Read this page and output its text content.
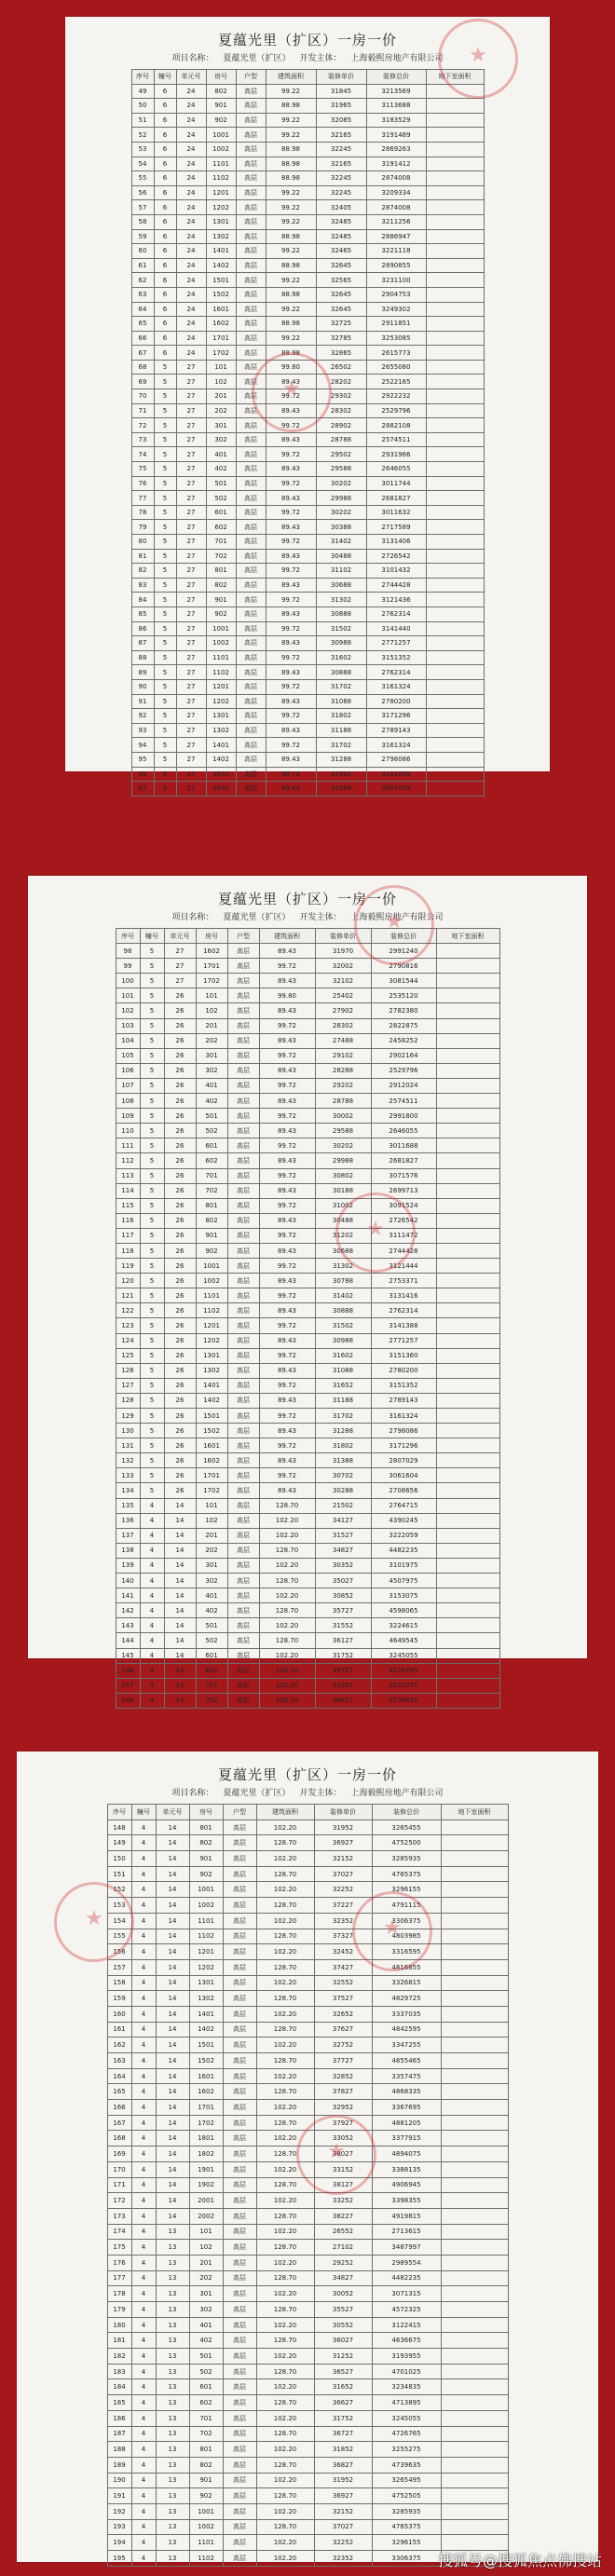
夏蕴光里（扩区）一房一价
项目名称： 夏蕴光里（扩区） 开发主体： 上海毅熙房地产有限公司
序号	幢号	单元号	房号	户型	建筑面积	装修单价	装修总价	地下室面积
49	6	24	802	高层	99.22	31845	3213569	
50	6	24	901	高层	88.98	31965	3113688	
51	6	24	902	高层	99.22	32085	3183529	
52	6	24	1001	高层	99.22	32165	3191489	
53	6	24	1002	高层	88.98	32245	2869263	
54	6	24	1101	高层	88.98	32165	3191412	
55	6	24	1102	高层	88.98	32245	2874008	
56	6	24	1201	高层	99.22	32245	3209334	
57	6	24	1202	高层	99.22	32405	2874008	
58	6	24	1301	高层	99.22	32485	3211256	
59	6	24	1302	高层	88.98	32485	2886947	
60	6	24	1401	高层	99.22	32465	3221118	
61	6	24	1402	高层	88.98	32645	2890855	
62	6	24	1501	高层	99.22	32565	3231100	
63	6	24	1502	高层	88.98	32645	2904753	
64	6	24	1601	高层	99.22	32645	3249302	
65	6	24	1602	高层	88.98	32725	2911851	
66	6	24	1701	高层	99.22	32785	3253085	
67	6	24	1702	高层	88.98	32865	2615773	
68	5	27	101	高层	99.80	26502	2655080	
69	5	27	102	高层	89.43	28202	2522165	
70	5	27	201	高层	99.72	29302	2922232	
71	5	27	202	高层	89.43	28302	2529796	
72	5	27	301	高层	99.72	28902	2882108	
73	5	27	302	高层	89.43	28788	2574511	
74	5	27	401	高层	99.72	29502	2931966	
75	5	27	402	高层	89.43	29588	2646055	
76	5	27	501	高层	99.72	30202	3011744	
77	5	27	502	高层	89.43	29988	2681827	
78	5	27	601	高层	99.72	30202	3011632	
79	5	27	602	高层	89.43	30388	2717589	
80	5	27	701	高层	99.72	31402	3131406	
81	5	27	702	高层	89.43	30488	2726542	
82	5	27	801	高层	99.72	31102	3101432	
83	5	27	802	高层	89.43	30688	2744428	
84	5	27	901	高层	99.72	31302	3121436	
85	5	27	902	高层	89.43	30888	2762314	
86	5	27	1001	高层	99.72	31502	3141440	
87	5	27	1002	高层	89.43	30988	2771257	
88	5	27	1101	高层	99.72	31602	3151352	
89	5	27	1102	高层	89.43	30888	2762314	
90	5	27	1201	高层	99.72	31702	3161324	
91	5	27	1202	高层	89.43	31088	2780200	
92	5	27	1301	高层	99.72	31802	3171296	
93	5	27	1302	高层	89.43	31188	2789143	
94	5	27	1401	高层	99.72	31702	3161324	
95	5	27	1402	高层	89.43	31288	2798086	
96	5	27	1501	高层	99.72	31902	3181268	
97	5	27	1601	高层	89.43	31388	2807029	
★
★
夏蕴光里（扩区）一房一价
项目名称： 夏蕴光里（扩区） 开发主体： 上海毅熙房地产有限公司
序号	幢号	单元号	房号	户型	建筑面积	装修单价	装修总价	地下室面积
98	5	27	1602	高层	89.43	31970	2991240	
99	5	27	1701	高层	99.72	32002	2790816	
100	5	27	1702	高层	89.43	32102	3081544	
101	5	26	101	高层	99.80	25402	2535120	
102	5	26	102	高层	89.43	27902	2782380	
103	5	26	201	高层	99.72	28302	2822875	
104	5	26	202	高层	89.43	27488	2458252	
105	5	26	301	高层	99.72	29102	2902164	
106	5	26	302	高层	89.43	28288	2529796	
107	5	26	401	高层	99.72	29202	2912024	
108	5	26	402	高层	89.43	28788	2574511	
109	5	26	501	高层	99.72	30002	2991800	
110	5	26	502	高层	89.43	29588	2646055	
111	5	26	601	高层	99.72	30202	3011688	
112	5	26	602	高层	89.43	29988	2681827	
113	5	26	701	高层	99.72	30802	3071576	
114	5	26	702	高层	89.43	30188	2699713	
115	5	26	801	高层	99.72	31002	3091524	
116	5	26	802	高层	89.43	30488	2726542	
117	5	26	901	高层	99.72	31202	3111472	
118	5	26	902	高层	89.43	30688	2744428	
119	5	26	1001	高层	99.72	31302	3121444	
120	5	26	1002	高层	89.43	30788	2753371	
121	5	26	1101	高层	99.72	31402	3131416	
122	5	26	1102	高层	89.43	30888	2762314	
123	5	26	1201	高层	99.72	31502	3141388	
124	5	26	1202	高层	89.43	30988	2771257	
125	5	26	1301	高层	99.72	31602	3151360	
126	5	26	1302	高层	89.43	31088	2780200	
127	5	26	1401	高层	99.72	31652	3151352	
128	5	26	1402	高层	89.43	31188	2789143	
129	5	26	1501	高层	99.72	31702	3161324	
130	5	26	1502	高层	89.43	31288	2798086	
131	5	26	1601	高层	99.72	31802	3171296	
132	5	26	1602	高层	89.43	31388	2807029	
133	5	26	1701	高层	99.72	30702	3061604	
134	5	26	1702	高层	89.43	30288	2708656	
135	4	14	101	高层	128.70	21502	2764715	
136	4	14	102	高层	102.20	34127	4390245	
137	4	14	201	高层	102.20	31527	3222059	
138	4	14	202	高层	128.70	34827	4482235	
139	4	14	301	高层	102.20	30352	3101975	
140	4	14	302	高层	128.70	35027	4507975	
141	4	14	401	高层	102.20	30852	3153075	
142	4	14	402	高层	128.70	35727	4598065	
143	4	14	501	高层	102.20	31552	3224615	
144	4	14	502	高层	128.70	36127	4649545	
145	4	14	601	高层	102.20	31752	3245055	
146	4	14	602	高层	128.70	36727	4726765	
147	4	14	701	高层	102.20	31852	3255275	
148	4	14	702	高层	128.70	36827	4739635	
★
★
夏蕴光里（扩区）一房一价
项目名称： 夏蕴光里（扩区） 开发主体： 上海毅熙房地产有限公司
序号	幢号	单元号	房号	户型	建筑面积	装修单价	装修总价	地下室面积
148	4	14	801	高层	102.20	31952	3265455	
149	4	14	802	高层	128.70	36927	4752500	
150	4	14	901	高层	102.20	32152	3285935	
151	4	14	902	高层	128.70	37027	4765375	
152	4	14	1001	高层	102.20	32252	3296155	
153	4	14	1002	高层	128.70	37227	4791115	
154	4	14	1101	高层	102.20	32352	3306375	
155	4	14	1102	高层	128.70	37327	4803985	
156	4	14	1201	高层	102.20	32452	3316595	
157	4	14	1202	高层	128.70	37427	4816855	
158	4	14	1301	高层	102.20	32552	3326815	
159	4	14	1302	高层	128.70	37527	4829725	
160	4	14	1401	高层	102.20	32652	3337035	
161	4	14	1402	高层	128.70	37627	4842595	
162	4	14	1501	高层	102.20	32752	3347255	
163	4	14	1502	高层	128.70	37727	4855465	
164	4	14	1601	高层	102.20	32852	3357475	
165	4	14	1602	高层	128.70	37827	4868335	
166	4	14	1701	高层	102.20	32952	3367695	
167	4	14	1702	高层	128.70	37927	4881205	
168	4	14	1801	高层	102.20	33052	3377915	
169	4	14	1802	高层	128.70	38027	4894075	
170	4	14	1901	高层	102.20	33152	3388135	
171	4	14	1902	高层	128.70	38127	4906945	
172	4	14	2001	高层	102.20	33252	3398355	
173	4	14	2002	高层	128.70	38227	4919815	
174	4	13	101	高层	102.20	26552	2713615	
175	4	13	102	高层	128.70	27102	3487997	
176	4	13	201	高层	102.20	29252	2989554	
177	4	13	202	高层	128.70	34827	4482235	
178	4	13	301	高层	102.20	30052	3071315	
179	4	13	302	高层	128.70	35527	4572325	
180	4	13	401	高层	102.20	30552	3122415	
181	4	13	402	高层	128.70	36027	4636675	
182	4	13	501	高层	102.20	31252	3193955	
183	4	13	502	高层	128.70	36527	4701025	
184	4	13	601	高层	102.20	31652	3234835	
185	4	13	602	高层	128.70	36627	4713895	
186	4	13	701	高层	102.20	31752	3245055	
187	4	13	702	高层	128.70	36727	4726765	
188	4	13	801	高层	102.20	31852	3255275	
189	4	13	802	高层	128.70	36827	4739635	
190	4	13	901	高层	102.20	31952	3265495	
191	4	13	902	高层	128.70	36927	4752505	
192	4	13	1001	高层	102.20	32152	3285935	
193	4	13	1002	高层	128.70	37027	4765375	
194	4	13	1101	高层	102.20	32252	3296155	
195	4	13	1102	高层	102.20	32352	3306375	
★
★
★ 搜狐号@搜狐焦点佛搜站
